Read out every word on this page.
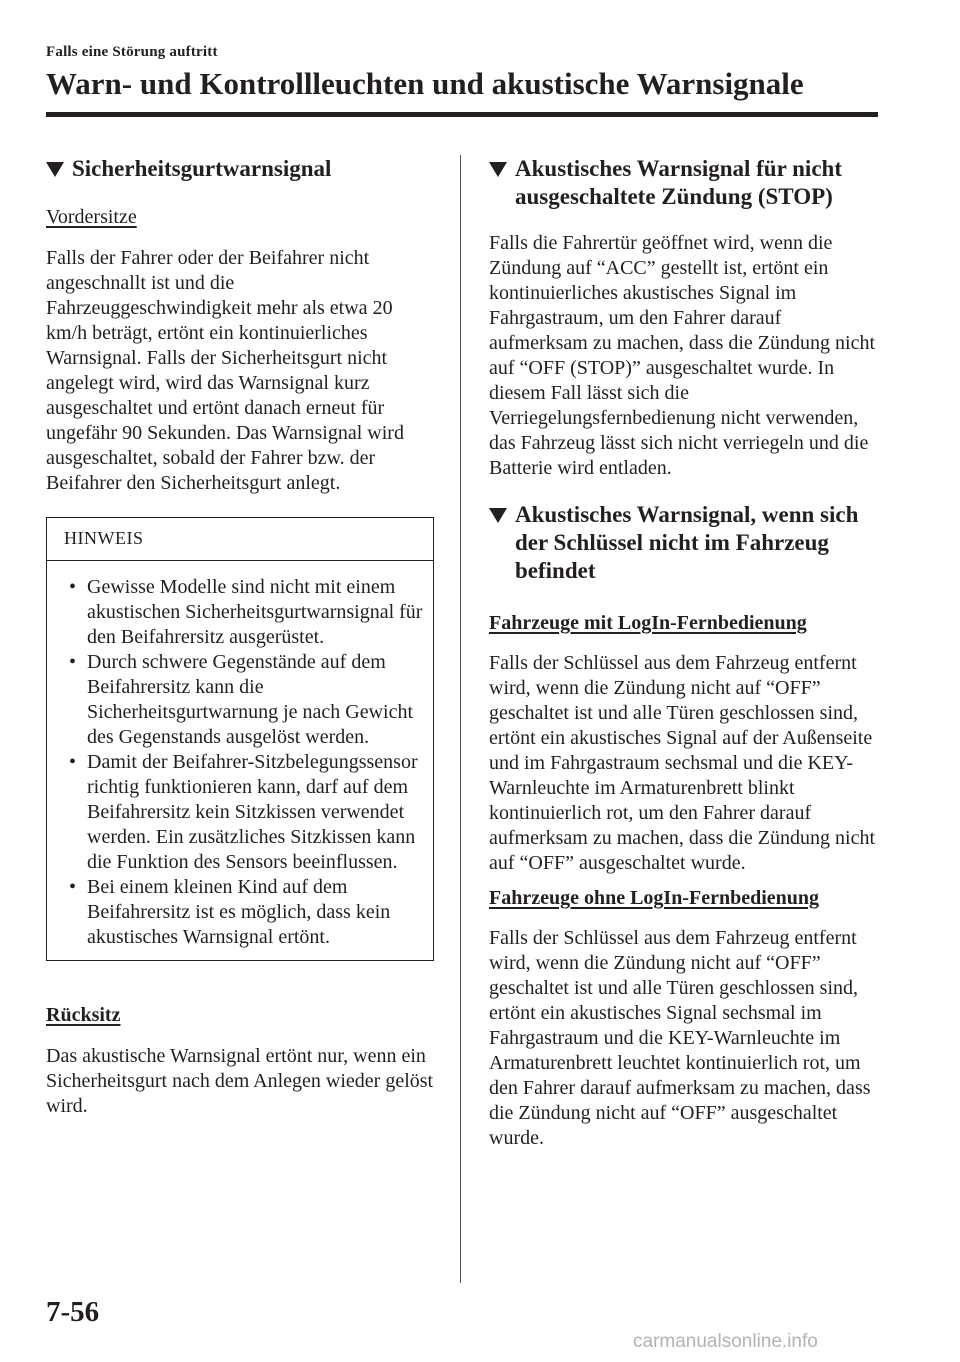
Falls eine Störung auftritt
Warn- und Kontrollleuchten und akustische Warnsignale
Sicherheitsgurtwarnsignal
Vordersitze

Falls der Fahrer oder der Beifahrer nicht angeschnallt ist und die Fahrzeuggeschwindigkeit mehr als etwa 20 km/h beträgt, ertönt ein kontinuierliches Warnsignal. Falls der Sicherheitsgurt nicht angelegt wird, wird das Warnsignal kurz ausgeschaltet und ertönt danach erneut für ungefähr 90 Sekunden. Das Warnsignal wird ausgeschaltet, sobald der Fahrer bzw. der Beifahrer den Sicherheitsgurt anlegt.

HINWEIS
• Gewisse Modelle sind nicht mit einem akustischen Sicherheitsgurtwarnsignal für den Beifahrersitz ausgerüstet.
• Durch schwere Gegenstände auf dem Beifahrersitz kann die Sicherheitsgurtwarnung je nach Gewicht des Gegenstands ausgelöst werden.
• Damit der Beifahrer-Sitzbelegungssensor richtig funktionieren kann, darf auf dem Beifahrersitz kein Sitzkissen verwendet werden. Ein zusätzliches Sitzkissen kann die Funktion des Sensors beeinflussen.
• Bei einem kleinen Kind auf dem Beifahrersitz ist es möglich, dass kein akustisches Warnsignal ertönt.
Rücksitz

Das akustische Warnsignal ertönt nur, wenn ein Sicherheitsgurt nach dem Anlegen wieder gelöst wird.

Akustisches Warnsignal für nicht ausgeschaltete Zündung (STOP)

Falls die Fahrertür geöffnet wird, wenn die Zündung auf “ACC” gestellt ist, ertönt ein kontinuierliches akustisches Signal im Fahrgastraum, um den Fahrer darauf aufmerksam zu machen, dass die Zündung nicht auf “OFF (STOP)” ausgeschaltet wurde. In diesem Fall lässt sich die Verriegelungsfernbedienung nicht verwenden, das Fahrzeug lässt sich nicht verriegeln und die Batterie wird entladen.

Akustisches Warnsignal, wenn sich der Schlüssel nicht im Fahrzeug befindet
Fahrzeuge mit LogIn-Fernbedienung

Falls der Schlüssel aus dem Fahrzeug entfernt wird, wenn die Zündung nicht auf “OFF” geschaltet ist und alle Türen geschlossen sind, ertönt ein akustisches Signal auf der Außenseite und im Fahrgastraum sechsmal und die KEY-Warnleuchte im Armaturenbrett blinkt kontinuierlich rot, um den Fahrer darauf aufmerksam zu machen, dass die Zündung nicht auf “OFF” ausgeschaltet wurde.

Fahrzeuge ohne LogIn-Fernbedienung

Falls der Schlüssel aus dem Fahrzeug entfernt wird, wenn die Zündung nicht auf “OFF” geschaltet ist und alle Türen geschlossen sind, ertönt ein akustisches Signal sechsmal im Fahrgastraum und die KEY-Warnleuchte im Armaturenbrett leuchtet kontinuierlich rot, um den Fahrer darauf aufmerksam zu machen, dass die Zündung nicht auf “OFF” ausgeschaltet wurde.

7-56
carmanualsonline.info
